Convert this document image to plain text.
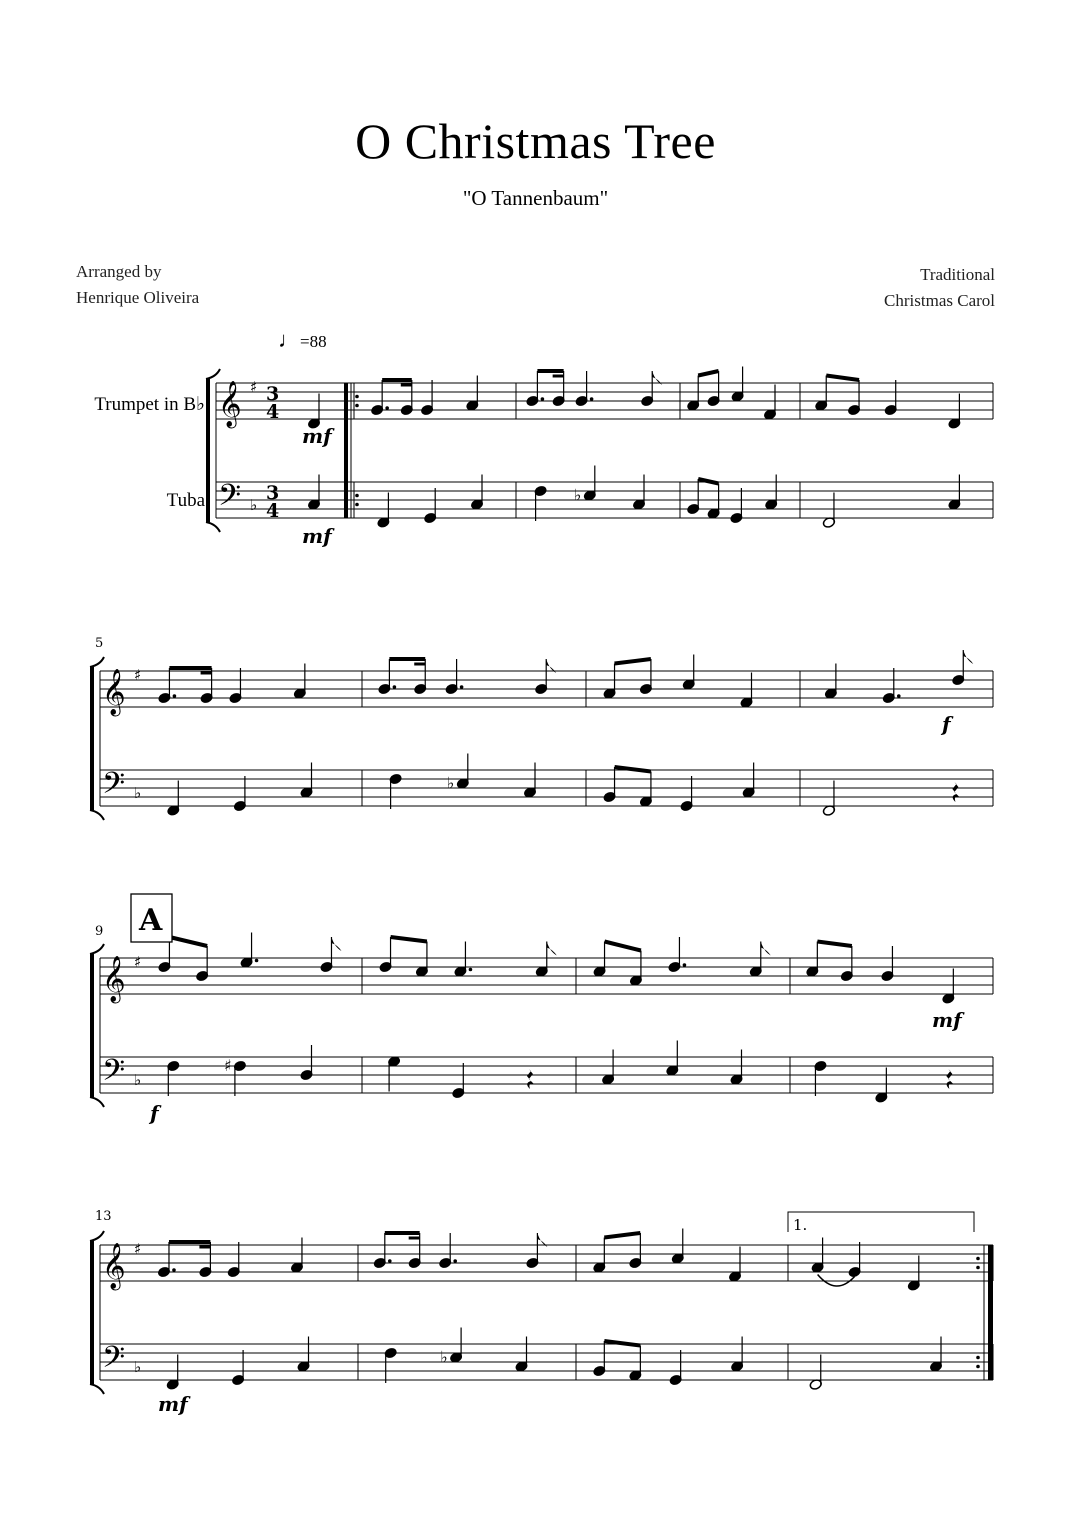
O Christmas Tree
"O Tannenbaum"
Arranged by
Henrique Oliveira
Traditional
Christmas Carol
♩=88
Trumpet in B♭
Tuba
𝄞
𝄢
♯
♭
𝄞
𝄢
♯
♭
𝄞
𝄢
♯
♭
𝄞
𝄢
♯
♭
3
4
3
4
mf
mf
♭
♭
f
5
♯
f
mf
9 A
♭
mf
13	1.
